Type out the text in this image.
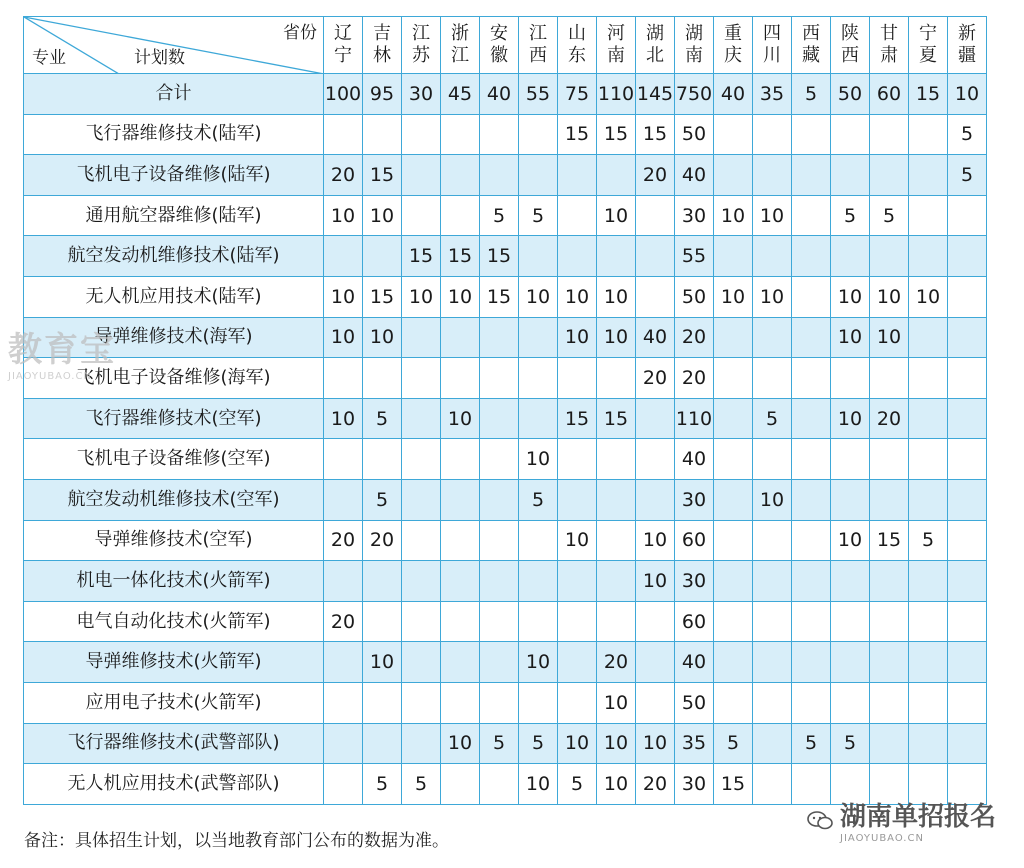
省份
专业 计划数	辽 宁	吉 林	江 苏	浙 江	安 徽	江 西	山 东	河 南	湖 北	湖 南	重 庆	四 川	西 藏	陕 西	甘 肃	宁 夏	新 疆
合计	100	95	30	45	40	55	75	110	145	750	40	35	5	50	60	15	10
飞行器维修技术(陆军)							15	15	15	50							5
飞机电子设备维修(陆军)	20	15							20	40							5
通用航空器维修(陆军)	10	10			5	5		10		30	10	10		5	5		
航空发动机维修技术(陆军)			15	15	15					55							
无人机应用技术(陆军)	10	15	10	10	15	10	10	10		50	10	10		10	10	10	
导弹维修技术(海军)	10	10					10	10	40	20				10	10		
飞机电子设备维修(海军)									20	20							
飞行器维修技术(空军)	10	5		10			15	15		110		5		10	20		
飞机电子设备维修(空军)						10				40							
航空发动机维修技术(空军)		5				5				30		10					
导弹维修技术(空军)	20	20					10		10	60				10	15	5	
机电一体化技术(火箭军)									10	30							
电气自动化技术(火箭军)	20									60							
导弹维修技术(火箭军)		10				10		20		40							
应用电子技术(火箭军)								10		50							
飞行器维修技术(武警部队)				10	5	5	10	10	10	35	5		5	5			
无人机应用技术(武警部队)		5	5			10	5	10	20	30	15						
备注：具体招生计划，以当地教育部门公布的数据为准。
教育宝
JIAOYUBAO.CN
湖南单招报名
JIAOYUBAO.CN
